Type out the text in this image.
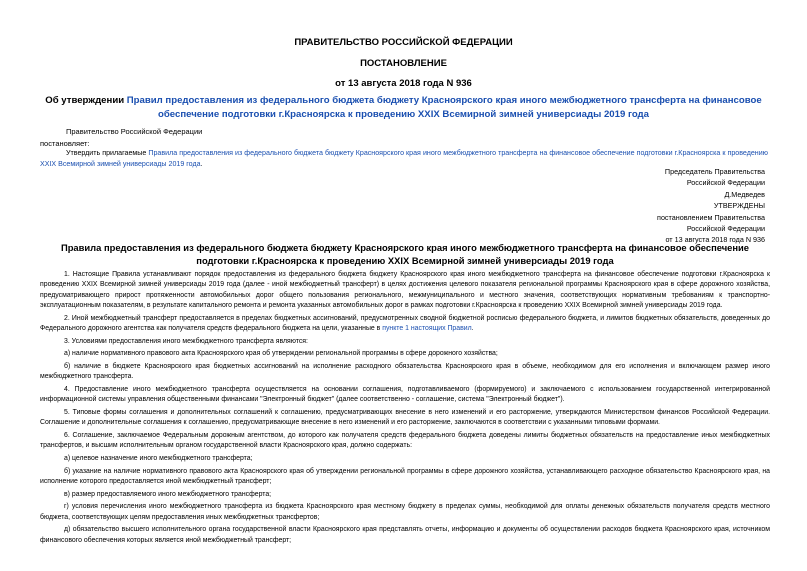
ПРАВИТЕЛЬСТВО РОССИЙСКОЙ ФЕДЕРАЦИИ
ПОСТАНОВЛЕНИЕ
от 13 августа 2018 года N 936
Об утверждении Правил предоставления из федерального бюджета бюджету Красноярского края иного межбюджетного трансферта на финансовое обеспечение подготовки г.Красноярска к проведению XXIX Всемирной зимней универсиады 2019 года
Правительство Российской Федерации
постановляет:
Утвердить прилагаемые Правила предоставления из федерального бюджета бюджету Красноярского края иного межбюджетного трансферта на финансовое обеспечение подготовки г.Красноярска к проведению XXIX Всемирной зимней универсиады 2019 года.
Председатель Правительства
Российской Федерации
Д.Медведев
УТВЕРЖДЕНЫ
постановлением Правительства
Российской Федерации
от 13 августа 2018 года N 936
Правила предоставления из федерального бюджета бюджету Красноярского края иного межбюджетного трансферта на финансовое обеспечение подготовки г.Красноярска к проведению XXIX Всемирной зимней универсиады 2019 года

1. Настоящие Правила устанавливают порядок предоставления из федерального бюджета бюджету Красноярского края иного межбюджетного трансферта на финансовое обеспечение подготовки г.Красноярска к проведению XXIX Всемирной зимней универсиады 2019 года (далее - иной межбюджетный трансферт) в целях достижения целевого показателя региональной программы Красноярского края в сфере дорожного хозяйства, предусматривающего прирост протяженности автомобильных дорог общего пользования регионального, межмуниципального и местного значения, соответствующих нормативным требованиям к транспортно-эксплуатационным показателям, в результате капитального ремонта и ремонта указанных автомобильных дорог в рамках подготовки г.Красноярска к проведению XXIX Всемирной зимней универсиады 2019 года.

2. Иной межбюджетный трансферт предоставляется в пределах бюджетных ассигнований, предусмотренных сводной бюджетной росписью федерального бюджета, и лимитов бюджетных обязательств, доведенных до Федерального дорожного агентства как получателя средств федерального бюджета на цели, указанные в пункте 1 настоящих Правил.

3. Условиями предоставления иного межбюджетного трансферта являются:

а) наличие нормативного правового акта Красноярского края об утверждении региональной программы в сфере дорожного хозяйства;

б) наличие в бюджете Красноярского края бюджетных ассигнований на исполнение расходного обязательства Красноярского края в объеме, необходимом для его исполнения и включающем размер иного межбюджетного трансферта.

4. Предоставление иного межбюджетного трансферта осуществляется на основании соглашения, подготавливаемого (формируемого) и заключаемого с использованием государственной интегрированной информационной системы управления общественными финансами "Электронный бюджет" (далее соответственно - соглашение, система "Электронный бюджет").

5. Типовые формы соглашения и дополнительных соглашений к соглашению, предусматривающих внесение в него изменений и его расторжение, утверждаются Министерством финансов Российской Федерации. Соглашение и дополнительные соглашения к соглашению, предусматривающие внесение в него изменений и его расторжение, заключаются в соответствии с указанными типовыми формами.

6. Соглашение, заключаемое Федеральным дорожным агентством, до которого как получателя средств федерального бюджета доведены лимиты бюджетных обязательств на предоставление иных межбюджетных трансфертов, и высшим исполнительным органом государственной власти Красноярского края, должно содержать:

а) целевое назначение иного межбюджетного трансферта;

б) указание на наличие нормативного правового акта Красноярского края об утверждении региональной программы в сфере дорожного хозяйства, устанавливающего расходное обязательство Красноярского края, на исполнение которого предоставляется иной межбюджетный трансферт;

в) размер предоставляемого иного межбюджетного трансферта;

г) условия перечисления иного межбюджетного трансферта из бюджета Красноярского края местному бюджету в пределах суммы, необходимой для оплаты денежных обязательств получателя средств местного бюджета, соответствующих целям предоставления иных межбюджетных трансфертов;

д) обязательство высшего исполнительного органа государственной власти Красноярского края представлять отчеты, информацию и документы об осуществлении расходов бюджета Красноярского края, источником финансового обеспечения которых является иной межбюджетный трансферт;
